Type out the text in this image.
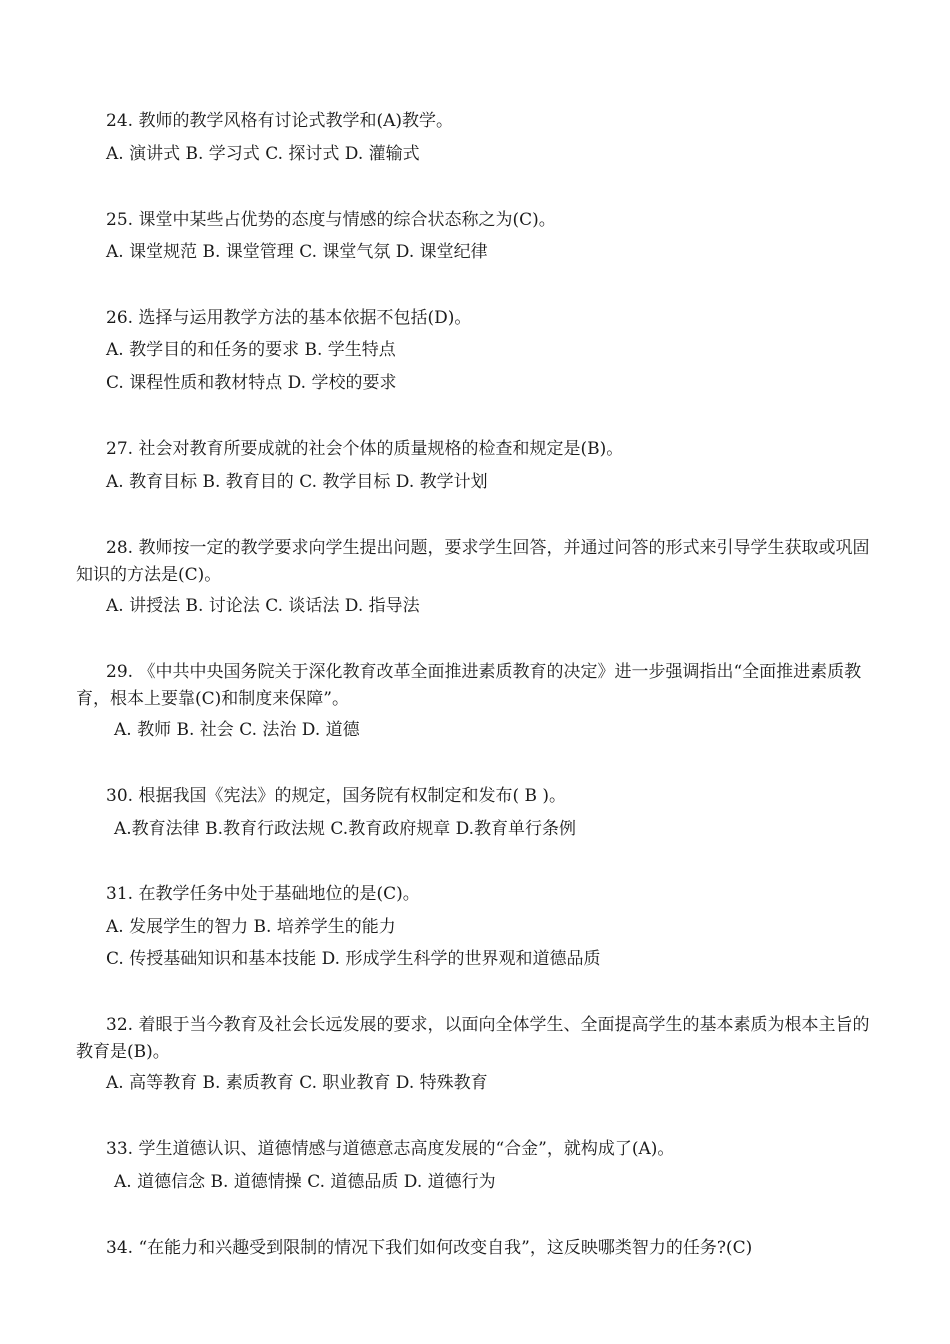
24. 教师的教学风格有讨论式教学和(A)教学。
A. 演讲式 B. 学习式 C. 探讨式 D. 灌输式
25. 课堂中某些占优势的态度与情感的综合状态称之为(C)。
A. 课堂规范 B. 课堂管理 C. 课堂气氛 D. 课堂纪律
26. 选择与运用教学方法的基本依据不包括(D)。
A. 教学目的和任务的要求 B. 学生特点
C. 课程性质和教材特点 D. 学校的要求
27. 社会对教育所要成就的社会个体的质量规格的检查和规定是(B)。
A. 教育目标 B. 教育目的 C. 教学目标 D. 教学计划
28. 教师按一定的教学要求向学生提出问题，要求学生回答，并通过问答的形式来引导学生获取或巩固知识的方法是(C)。
A. 讲授法 B. 讨论法 C. 谈话法 D. 指导法
29. 《中共中央国务院关于深化教育改革全面推进素质教育的决定》进一步强调指出“全面推进素质教育，根本上要靠(C)和制度来保障”。
A. 教师 B. 社会 C. 法治 D. 道德
30. 根据我国《宪法》的规定，国务院有权制定和发布( B )。
A.教育法律 B.教育行政法规 C.教育政府规章 D.教育单行条例
31. 在教学任务中处于基础地位的是(C)。
A. 发展学生的智力 B. 培养学生的能力
C. 传授基础知识和基本技能 D. 形成学生科学的世界观和道德品质
32. 着眼于当今教育及社会长远发展的要求，以面向全体学生、全面提高学生的基本素质为根本主旨的教育是(B)。
A. 高等教育 B. 素质教育 C. 职业教育 D. 特殊教育
33. 学生道德认识、道德情感与道德意志高度发展的“合金”，就构成了(A)。
A. 道德信念 B. 道德情操 C. 道德品质 D. 道德行为
34. “在能力和兴趣受到限制的情况下我们如何改变自我”，这反映哪类智力的任务?(C)
